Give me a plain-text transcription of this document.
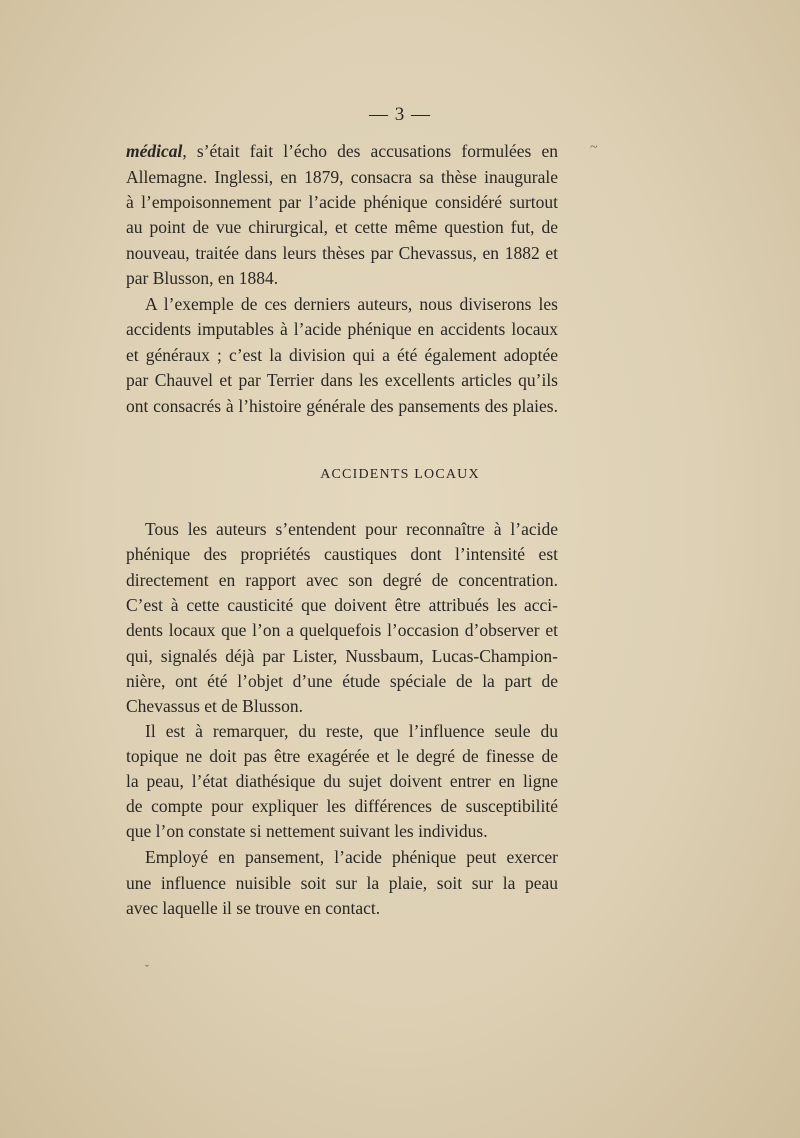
— 3 —
médical, s’était fait l’écho des accusations formulées en
Allemagne. Inglessi, en 1879, consacra sa thèse inaugurale
à l’empoisonnement par l’acide phénique considéré surtout
au point de vue chirurgical, et cette même question fut, de
nouveau, traitée dans leurs thèses par Chevassus, en 1882 et
par Blusson, en 1884.
A l’exemple de ces derniers auteurs, nous diviserons les
accidents imputables à l’acide phénique en accidents locaux
et généraux ; c’est la division qui a été également adoptée
par Chauvel et par Terrier dans les excellents articles qu’ils
ont consacrés à l’histoire générale des pansements des plaies.
ACCIDENTS LOCAUX
Tous les auteurs s’entendent pour reconnaître à l’acide
phénique des propriétés caustiques dont l’intensité est
directement en rapport avec son degré de concentration.
C’est à cette causticité que doivent être attribués les acci-
dents locaux que l’on a quelquefois l’occasion d’observer et
qui, signalés déjà par Lister, Nussbaum, Lucas-Champion-
nière, ont été l’objet d’une étude spéciale de la part de
Chevassus et de Blusson.
Il est à remarquer, du reste, que l’influence seule du
topique ne doit pas être exagérée et le degré de finesse de
la peau, l’état diathésique du sujet doivent entrer en ligne
de compte pour expliquer les différences de susceptibilité
que l’on constate si nettement suivant les individus.
Employé en pansement, l’acide phénique peut exercer
une influence nuisible soit sur la plaie, soit sur la peau
avec laquelle il se trouve en contact.
~
ˇ
